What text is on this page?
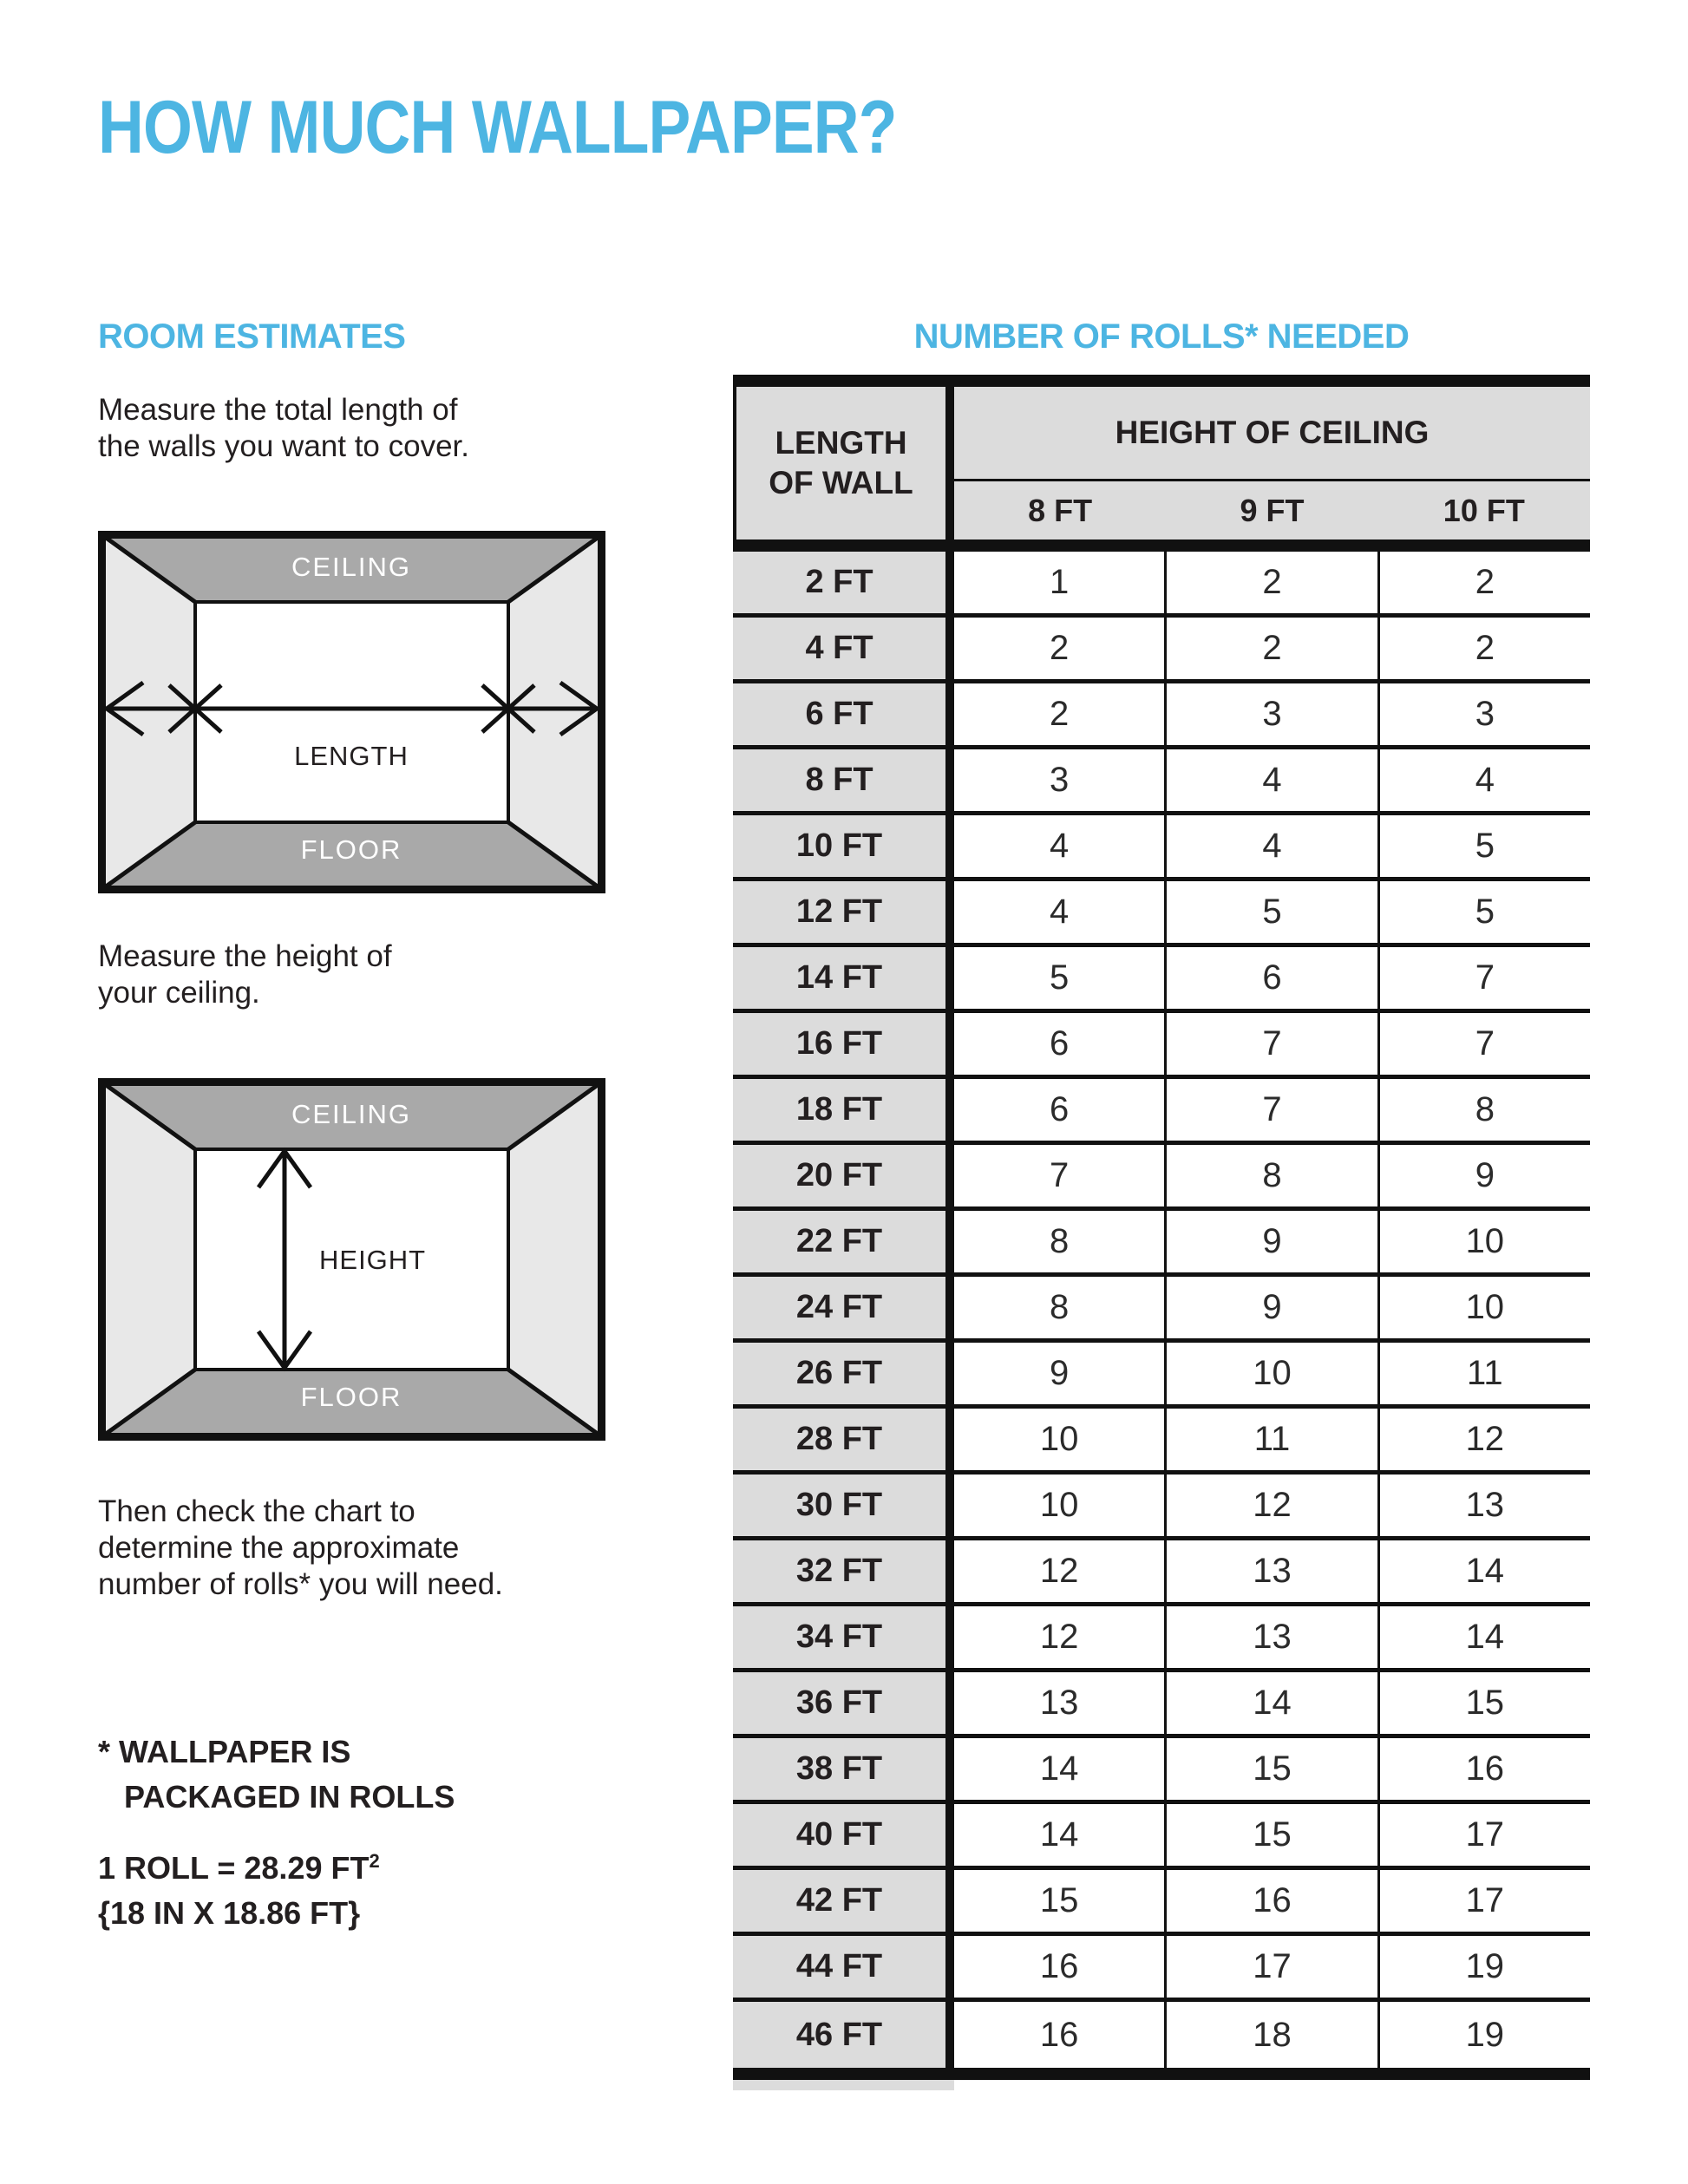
HOW MUCH WALLPAPER?
ROOM ESTIMATES
Measure the total length of
the walls you want to cover.
CEILING
FLOOR
LENGTH
Measure the height of
your ceiling.
CEILING
FLOOR
HEIGHT
Then check the chart to
determine the approximate
number of rolls* you will need.
* WALLPAPER IS
PACKAGED IN ROLLS
1 ROLL = 28.29 $FT^2$
{18 IN X 18.86 FT}
NUMBER OF ROLLS* NEEDED
LENGTH
OF WALL
HEIGHT OF CEILING
8 FT	9 FT	10 FT
2 FT	1	2	2
4 FT	2	2	2
6 FT	2	3	3
8 FT	3	4	4
10 FT	4	4	5
12 FT	4	5	5
14 FT	5	6	7
16 FT	6	7	7
18 FT	6	7	8
20 FT	7	8	9
22 FT	8	9	10
24 FT	8	9	10
26 FT	9	10	11
28 FT	10	11	12
30 FT	10	12	13
32 FT	12	13	14
34 FT	12	13	14
36 FT	13	14	15
38 FT	14	15	16
40 FT	14	15	17
42 FT	15	16	17
44 FT	16	17	19
46 FT	16	18	19
